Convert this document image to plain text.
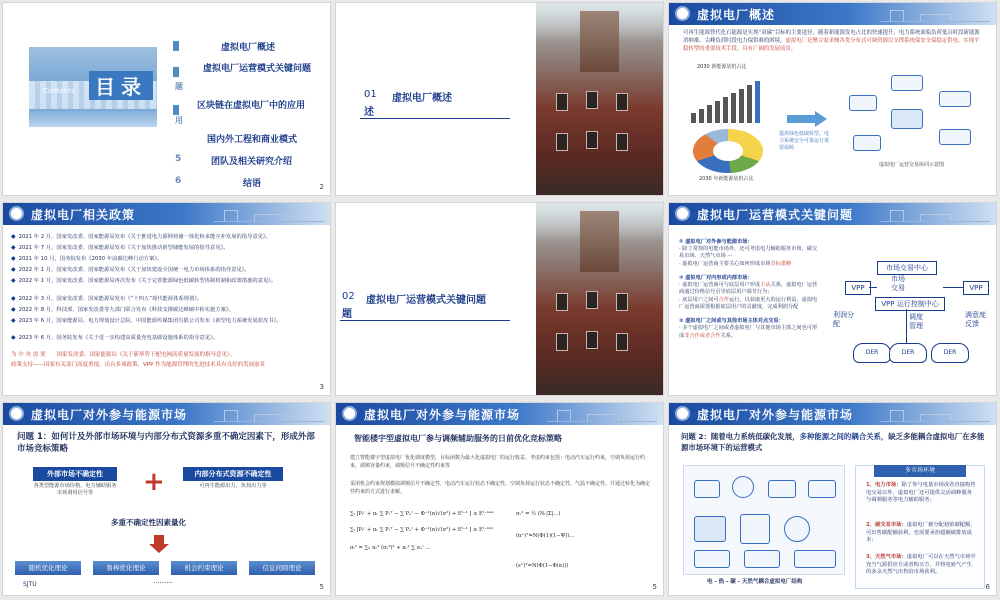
Contents	目录	题
用
虚拟电厂概述
虚拟电厂运营模式关键问题
区块链在虚拟电厂中的应用
国内外工程和商业模式
5	团队及相关研究介绍
6	结语	2
01 虚拟电厂概述
述
虚拟电厂概述
可再生能源替代化石能源是实现“双碳”目标的主要途径，随着新能源发电占比的快速提升，电力系统面临负荷低谷时段新能源消纳难、尖峰负荷时段电力保供难的困境。虚拟电厂是聚合需求侧各类分布式可调资源以支撑系统保安全保稳定供电、实现平稳转型的重要技术手段，具有广阔的发展前景。
2030 新能源装机占比
2030 年新能源装机占比
提供绿色低碳转型、电力系统安全可靠运行重要保障
虚拟电厂运营交易协同示意图
虚拟电厂相关政策
◆ 2021 年 2 月，国家发改委、国家能源局发布《关于推进电力源网荷储一体化和多能互补发展的指导意见》。
◆ 2021 年 7 月，国家发改委、国家能源局发布《关于加快推动新型储能发展的指导意见》。
◆ 2021 年 10 月，国务院发布《2030 年前碳达峰行动方案》。
◆ 2022 年 1 月，国家发改委、国家能源局发布《关于加快建设全国统一电力市场体系的指导意见》。
◆ 2022 年 1 月，国家发改委、国家能源局再次发布《关于完善能源绿色低碳转型体制机制和政策措施的意见》。
◆ 2022 年 3 月，国家发改委、国家能源局发布《“十四五”现代能源体系规划》。
◆ 2022 年 8 月，科技部、国家发改委等九部门联合发布《科技支撑碳达峰碳中和实施方案》。
◆ 2023 年 6 月，国家能源局、电力规划设计总院、中国能源传媒集团有限公司发布《新型电力系统发展蓝皮书》。
◆ 2023 年 6 月，国务院发布《关于进一步构建高质量充电基础设施体系的指导意见》。
为 中 央 需 要　　国家发改委、国家能源局《关于新形势下配电网高质量发展的指导意见》。
政策支持——国家有关部门高度重视，出台多项政策，VPP 作为能源管理的先进技术具有良好的发展前景
3
02 虚拟电厂运营模式关键问题
题
虚拟电厂运营模式关键问题
① 虚拟电厂对外参与能源市场：
· 除了常规的电能市场外，还可考虑电力辅助服务市场、碳交易市场、天然气市场 ···
· 虚拟电厂运营商主要关心如何形成市场竞标策略

② 虚拟电厂对内形成内部市场：
· 虚拟电厂运营商可与底层用户形成主从关系，虚拟电厂运营商通过价格信号引导底层用户调节行为；
· 底层用户之间可合作运行，以获取更大的运行利益，虚拟电厂运营商需要根据底层用户的贡献度，完成利润分配

③ 虚拟电厂之间或与其他市场主体对点交易：
· 多个虚拟电厂之间或者虚拟电厂与其他市场主体之间也可形成非合作或者合作关系。
市场交易中心
市场交易
VPP	VPP
VPP 运行控制中心
利润分配
调度管理
满意度反馈
DER	DER	DER
虚拟电厂对外参与能源市场
问题 1：如何计及外部市场环境与内部分布式资源多重不确定因素下，形成外部市场竞标策略
外部市场不确定性
各类型能源市场价格、电力辅助服务市场调用信号等	+	内部分布式资源不确定性
可再生能源出力、负荷出力等
多重不确定性因素量化
随机优化理论	鲁棒优化理论	机会约束理论	信息间隙理论
SJTU	·········	5
虚拟电厂对外参与能源市场
智能楼宇型虚拟电厂参与调频辅助服务的日前优化竞标策略
建立智能楼宇型虚拟电厂优化调度模型，目标函数为最大化虚拟电厂的运行收益，考虑约束包括：电动汽车运行约束，空调负荷运行约束，调频容量约束，调频信号不确定性约束等
采用机会约束规划模拟调频信号不确定性，电动汽车运行状态不确定性，空调负荷运行状态不确定性，气温不确定性。并通过转化为确定性约束的方式进行求解。
∑ₜ [Pₜᶜ + πᵣ ∑ Pᵣᵀ − ∑ Pₑᵛ − Φ⁻¹(α)√(σ²) + Eᵗ⁻¹ ] ≤ Eᵗ⁻ᵐᵃˣ
∑ₜ [Pₜᶜ + πᵣ ∑ Pᵣᵀ − ∑ Pₑᵛ + Φ⁻¹(α)√(σ²) + Eᵗ⁻¹ ] ≥ Eᵗ⁻ᵐⁱⁿ
σₜ² = ∑ₙ πᵣ² (σᵣ²)² + πᵣ² ∑ σₑᵛ ...
σᵣ² = ½ (Nᵣ|Σ|...)
(α⁺)ᵀ=N(Φ(1)(1−Ψ))...
(s⁺)ᵀ=N(Φ(1−Φ(α)))
5
虚拟电厂对外参与能源市场
问题 2：随着电力系统低碳化发展，多种能源之间的耦合关系，缺乏多能耦合虚拟电厂在多能源市场环境下的运营模式
电 - 热 - 碳 - 天然气耦合虚拟电厂结构
多市场环境
1、电力市场：除了参与电量市场或者直接购售电交易以外，虚拟电厂还可提供灵活调峰服务与调频服务等电力辅助服务；
2、碳交易市场：虚拟电厂被分配初始碳配额，可出售碳配额获利，也需要承担超额碳排放成本；
3、天然气市场：虚拟电厂可以在天然气市场中充当气源供应方或者购买方，并将电转气产生的多余天然气出售给市场获利。
6
